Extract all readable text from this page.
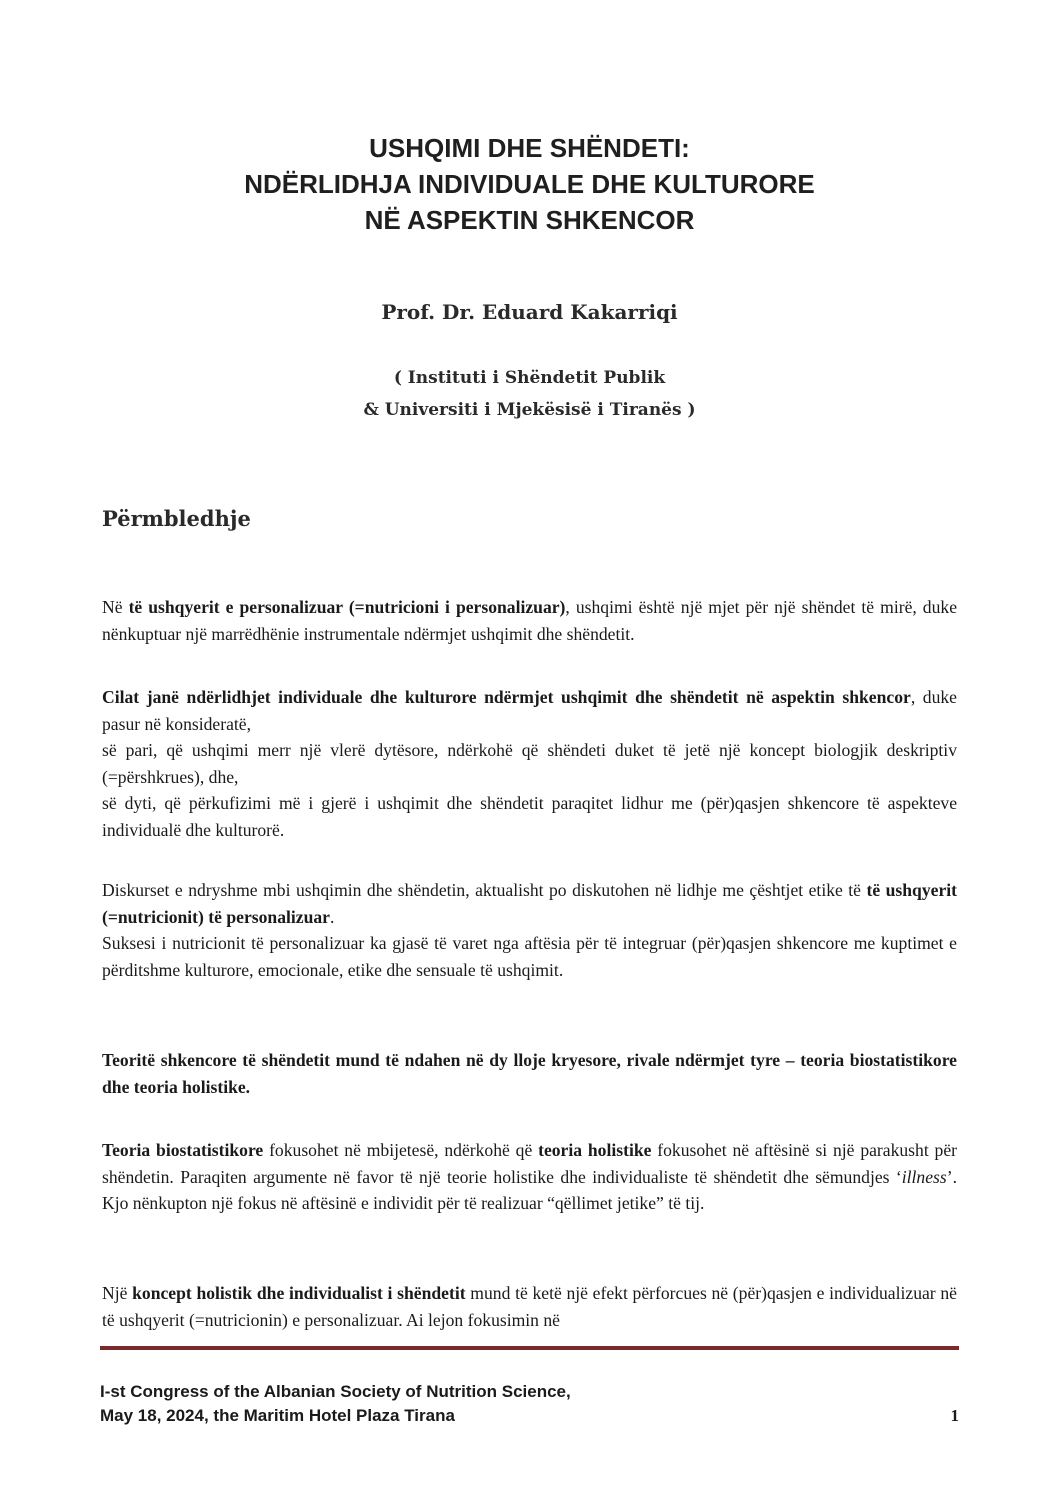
USHQIMI DHE SHËNDETI:
NDËRLIDHJA INDIVIDUALE DHE KULTURORE
NË ASPEKTIN SHKENCOR
Prof. Dr. Eduard Kakarriqi
( Instituti i Shëndetit Publik
& Universiti i Mjekësisë i Tiranës )
Përmbledhje

Në të ushqyerit e personalizuar (=nutricioni i personalizuar), ushqimi është një mjet për një shëndet të mirë, duke nënkuptuar një marrëdhënie instrumentale ndërmjet ushqimit dhe shëndetit.

Cilat janë ndërlidhjet individuale dhe kulturore ndërmjet ushqimit dhe shëndetit në aspektin shkencor, duke pasur në konsideratë,

së pari, që ushqimi merr një vlerë dytësore, ndërkohë që shëndeti duket të jetë një koncept biologjik deskriptiv (=përshkrues), dhe,

së dyti, që përkufizimi më i gjerë i ushqimit dhe shëndetit paraqitet lidhur me (për)qasjen shkencore të aspekteve individualë dhe kulturorë.

Diskurset e ndryshme mbi ushqimin dhe shëndetin, aktualisht po diskutohen në lidhje me çështjet etike të të ushqyerit (=nutricionit) të personalizuar.

Suksesi i nutricionit të personalizuar ka gjasë të varet nga aftësia për të integruar (për)qasjen shkencore me kuptimet e përditshme kulturore, emocionale, etike dhe sensuale të ushqimit.

Teoritë shkencore të shëndetit mund të ndahen në dy lloje kryesore, rivale ndërmjet tyre – teoria biostatistikore dhe teoria holistike.

Teoria biostatistikore fokusohet në mbijetesë, ndërkohë që teoria holistike fokusohet në aftësinë si një parakusht për shëndetin. Paraqiten argumente në favor të një teorie holistike dhe individualiste të shëndetit dhe sëmundjes ‘illness’. Kjo nënkupton një fokus në aftësinë e individit për të realizuar “qëllimet jetike” të tij.

Një koncept holistik dhe individualist i shëndetit mund të ketë një efekt përforcues në (për)qasjen e individualizuar në të ushqyerit (=nutricionin) e personalizuar. Ai lejon fokusimin në

I-st Congress of the Albanian Society of Nutrition Science,
May 18, 2024, the Maritim Hotel Plaza Tirana	1
